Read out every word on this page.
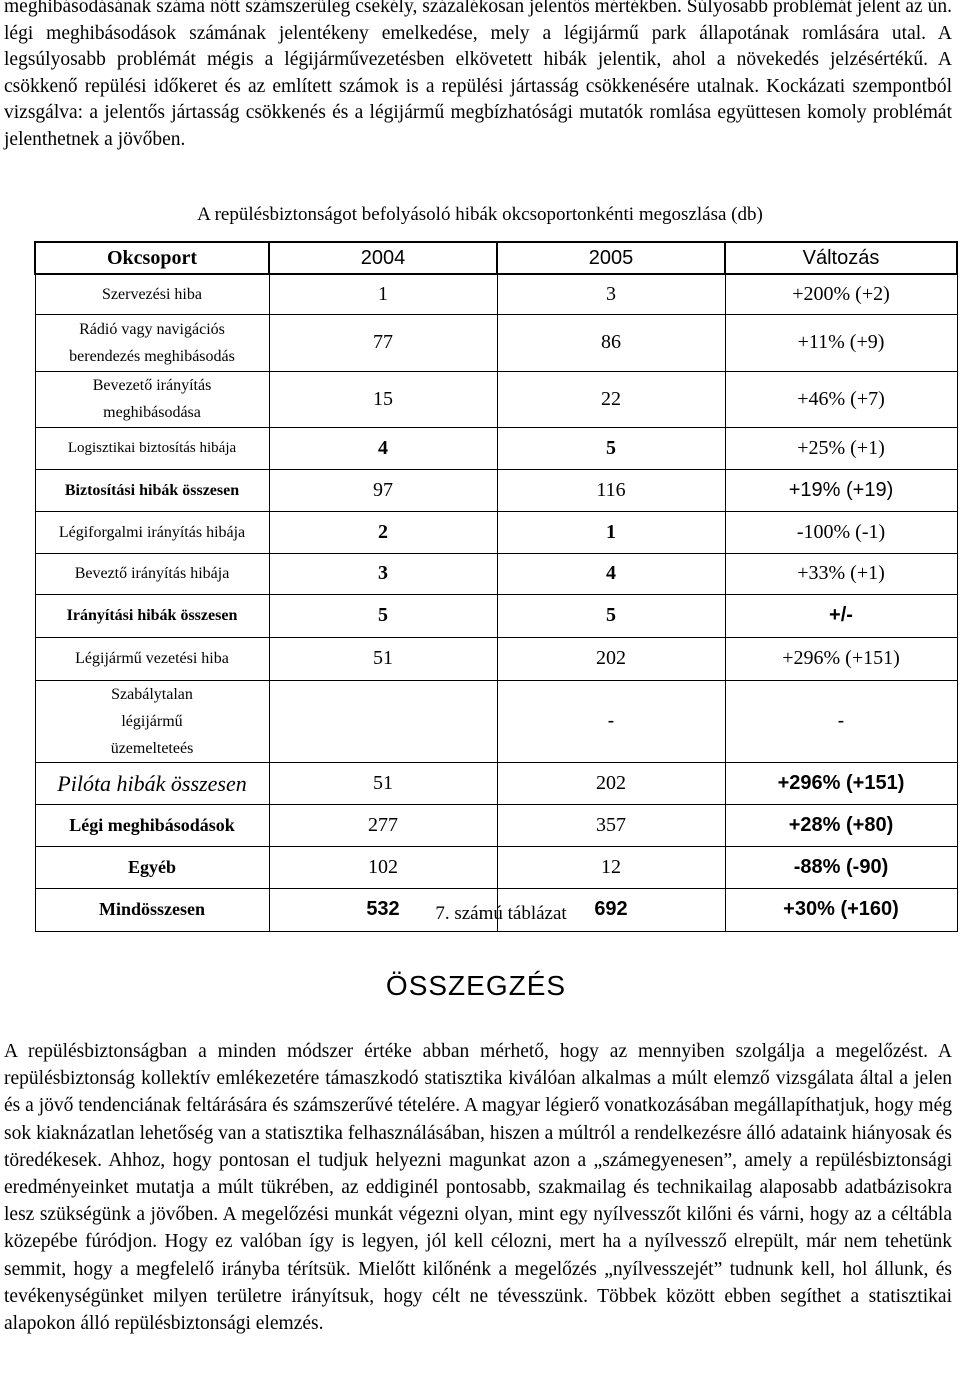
meghibásodásának száma nőtt számszerűleg csekély, százalékosan jelentős mértékben. Súlyosabb problémát jelent az ún. légi meghibásodások számának jelentékeny emelkedése, mely a légijármű park állapotának romlására utal. A legsúlyosabb problémát mégis a légijárművezetésben elkövetett hibák jelentik, ahol a növekedés jelzésértékű. A csökkenő repülési időkeret és az említett számok is a repülési jártasság csökkenésére utalnak. Kockázati szempontból vizsgálva: a jelentős jártasság csökkenés és a légijármű megbízhatósági mutatók romlása együttesen komoly problémát jelenthetnek a jövőben.

A repülésbiztonságot befolyásoló hibák okcsoportonkénti megoszlása (db)
Okcsoport	2004	2005	Változás
Szervezési hiba	1	3	+200% (+2)
Rádió vagy navigációs berendezés meghibásodás	77	86	+11% (+9)
Bevezető irányítás meghibásodása	15	22	+46% (+7)
Logisztikai biztosítás hibája	4	5	+25% (+1)
Biztosítási hibák összesen	97	116	+19% (+19)
Légiforgalmi irányítás hibája	2	1	-100% (-1)
Beveztő irányítás hibája	3	4	+33% (+1)
Irányítási hibák összesen	5	5	+/-
Légijármű vezetési hiba	51	202	+296% (+151)
Szabálytalan légijármű üzemelteteés		-	-
Pilóta hibák összesen	51	202	+296% (+151)
Légi meghibásodások	277	357	+28% (+80)
Egyéb	102	12	-88% (-90)
Mindösszesen	532	692	+30% (+160)
7. számú táblázat
ÖSSZEGZÉS

A repülésbiztonságban a minden módszer értéke abban mérhető, hogy az mennyiben szolgálja a megelőzést. A repülésbiztonság kollektív emlékezetére támaszkodó statisztika kiválóan alkalmas a múlt elemző vizsgálata által a jelen és a jövő tendenciának feltárására és számszerűvé tételére. A magyar légierő vonatkozásában megállapíthatjuk, hogy még sok kiaknázatlan lehetőség van a statisztika felhasználásában, hiszen a múltról a rendelkezésre álló adataink hiányosak és töredékesek. Ahhoz, hogy pontosan el tudjuk helyezni magunkat azon a „számegyenesen”, amely a repülésbiztonsági eredményeinket mutatja a múlt tükrében, az eddiginél pontosabb, szakmailag és technikailag alaposabb adatbázisokra lesz szükségünk a jövőben. A megelőzési munkát végezni olyan, mint egy nyílvesszőt kilőni és várni, hogy az a céltábla közepébe fúródjon. Hogy ez valóban így is legyen, jól kell célozni, mert ha a nyílvessző elrepült, már nem tehetünk semmit, hogy a megfelelő irányba térítsük. Mielőtt kilőnénk a megelőzés „nyílvesszejét” tudnunk kell, hol állunk, és tevékenységünket milyen területre irányítsuk, hogy célt ne tévesszünk. Többek között ebben segíthet a statisztikai alapokon álló repülésbiztonsági elemzés.
